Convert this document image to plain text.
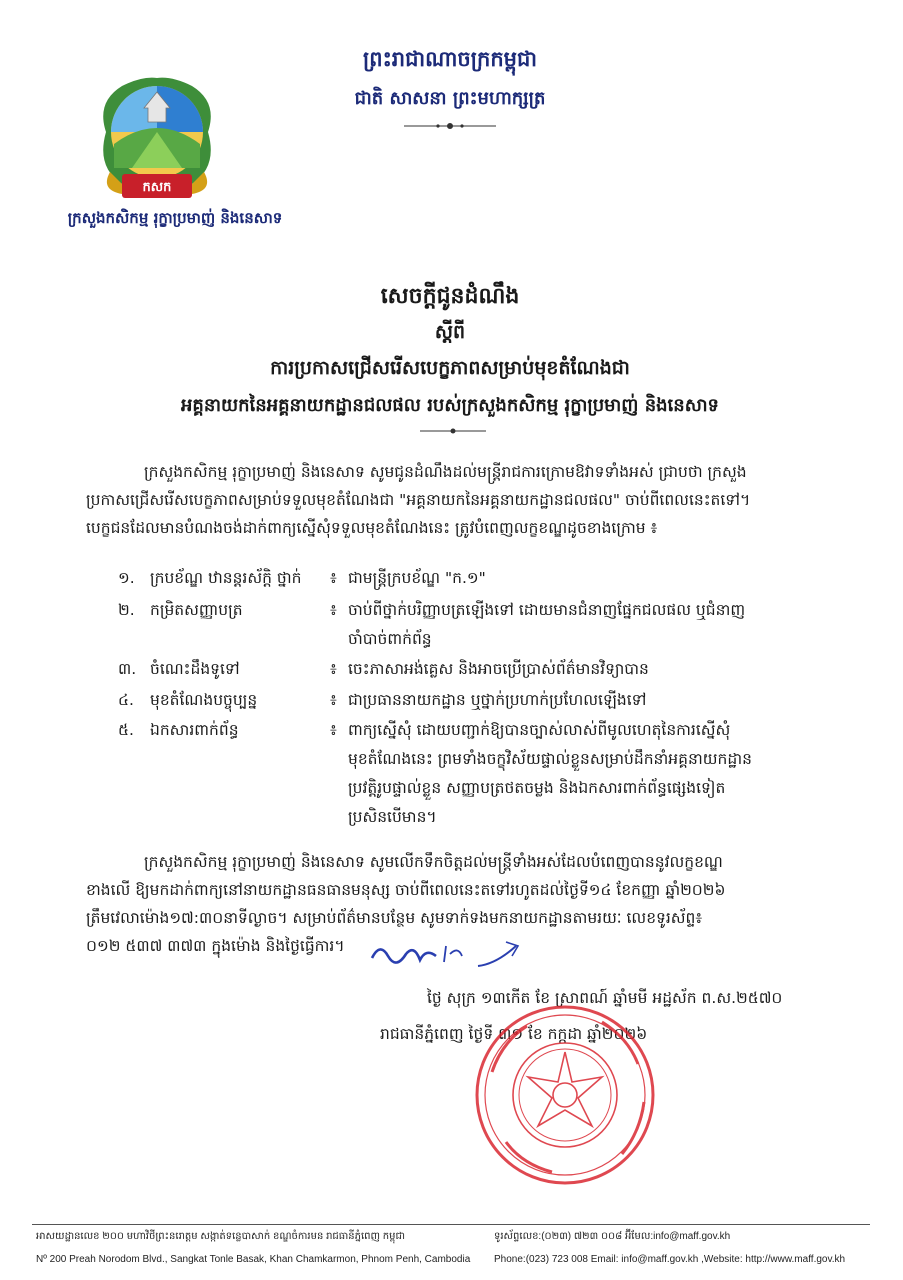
ព្រះរាជាណាចក្រកម្ពុជា
ជាតិ សាសនា ព្រះមហាក្សត្រ
កសក
ក្រសួងកសិកម្ម រុក្ខាប្រមាញ់ និងនេសាទ
សេចក្តីជូនដំណឹង
ស្តីពី
ការប្រកាសជ្រើសរើសបេក្ខភាពសម្រាប់មុខតំណែងជា
អគ្គនាយកនៃអគ្គនាយកដ្ឋានជលផល របស់ក្រសួងកសិកម្ម រុក្ខាប្រមាញ់ និងនេសាទ
ក្រសួងកសិកម្ម រុក្ខាប្រមាញ់ និងនេសាទ សូមជូនដំណឹងដល់មន្ត្រីរាជការក្រោមឱវាទទាំងអស់ ជ្រាបថា ក្រសួង
ប្រកាសជ្រើសរើសបេក្ខភាពសម្រាប់ទទួលមុខតំណែងជា "អគ្គនាយកនៃអគ្គនាយកដ្ឋានជលផល" ចាប់ពីពេលនេះតទៅ។
បេក្ខជនដែលមានបំណងចង់ដាក់ពាក្យស្នើសុំទទួលមុខតំណែងនេះ ត្រូវបំពេញលក្ខខណ្ឌដូចខាងក្រោម ៖
១. ក្របខ័ណ្ឌ ឋានន្តរស័ក្តិ ថ្នាក់	៖ ជាមន្ត្រីក្របខ័ណ្ឌ "ក.១"
២. កម្រិតសញ្ញាបត្រ	៖ ចាប់ពីថ្នាក់បរិញ្ញាបត្រឡើងទៅ ដោយមានជំនាញផ្នែកជលផល ឬជំនាញ
ចាំបាច់ពាក់ព័ន្ធ
៣. ចំណេះដឹងទូទៅ	៖ ចេះភាសាអង់គ្លេស និងអាចប្រើប្រាស់ព័ត៌មានវិទ្យាបាន
៤.	មុខតំណែងបច្ចុប្បន្ន	៖ ជាប្រធាននាយកដ្ឋាន ឬថ្នាក់ប្រហាក់ប្រហែលឡើងទៅ
៥.	ឯកសារពាក់ព័ន្ធ	៖ ពាក្យស្នើសុំ ដោយបញ្ជាក់ឱ្យបានច្បាស់លាស់ពីមូលហេតុនៃការស្នើសុំ
មុខតំណែងនេះ ព្រមទាំងចក្ខុវិស័យផ្ទាល់ខ្លួនសម្រាប់ដឹកនាំអគ្គនាយកដ្ឋាន
ប្រវត្តិរូបផ្ទាល់ខ្លួន សញ្ញាបត្រថតចម្លង និងឯកសារពាក់ព័ន្ធផ្សេងទៀត
ប្រសិនបើមាន។
ក្រសួងកសិកម្ម រុក្ខាប្រមាញ់ និងនេសាទ សូមលើកទឹកចិត្តដល់មន្ត្រីទាំងអស់ដែលបំពេញបាននូវលក្ខខណ្ឌ
ខាងលើ ឱ្យមកដាក់ពាក្យនៅនាយកដ្ឋានធនធានមនុស្ស ចាប់ពីពេលនេះតទៅរហូតដល់ថ្ងៃទី១៤ ខែកញ្ញា ឆ្នាំ២០២៦
ត្រឹមវេលាម៉ោង១៧:៣០នាទីល្ងាច។ សម្រាប់ព័ត៌មានបន្ថែម សូមទាក់ទងមកនាយកដ្ឋានតាមរយៈ លេខទូរស័ព្ទ៖
០១២ ៥៣៧ ៣៧៣ ក្នុងម៉ោង និងថ្ងៃធ្វើការ។
ថ្ងៃ សុក្រ ១៣កើត ខែ ស្រាពណ៍ ឆ្នាំមមី អដ្ឋស័ក ព.ស.២៥៧០
រាជធានីភ្នំពេញ ថ្ងៃទី ៣១ ខែ កក្កដា ឆ្នាំ២០២៦
អាសយដ្ឋានលេខ ២០០ មហាវិថីព្រះនរោត្តម សង្កាត់ទន្លេបាសាក់ ខណ្ឌចំការមន រាជធានីភ្នំពេញ កម្ពុជា
Nº 200 Preah Norodom Blvd., Sangkat Tonle Basak, Khan Chamkarmon, Phnom Penh, Cambodia
ទូរស័ព្ទលេខ:(០២៣) ៧២៣ ០០៨ អ៊ីមែល:info@maff.gov.kh
Phone:(023) 723 008 Email: info@maff.gov.kh ,Website: http://www.maff.gov.kh
